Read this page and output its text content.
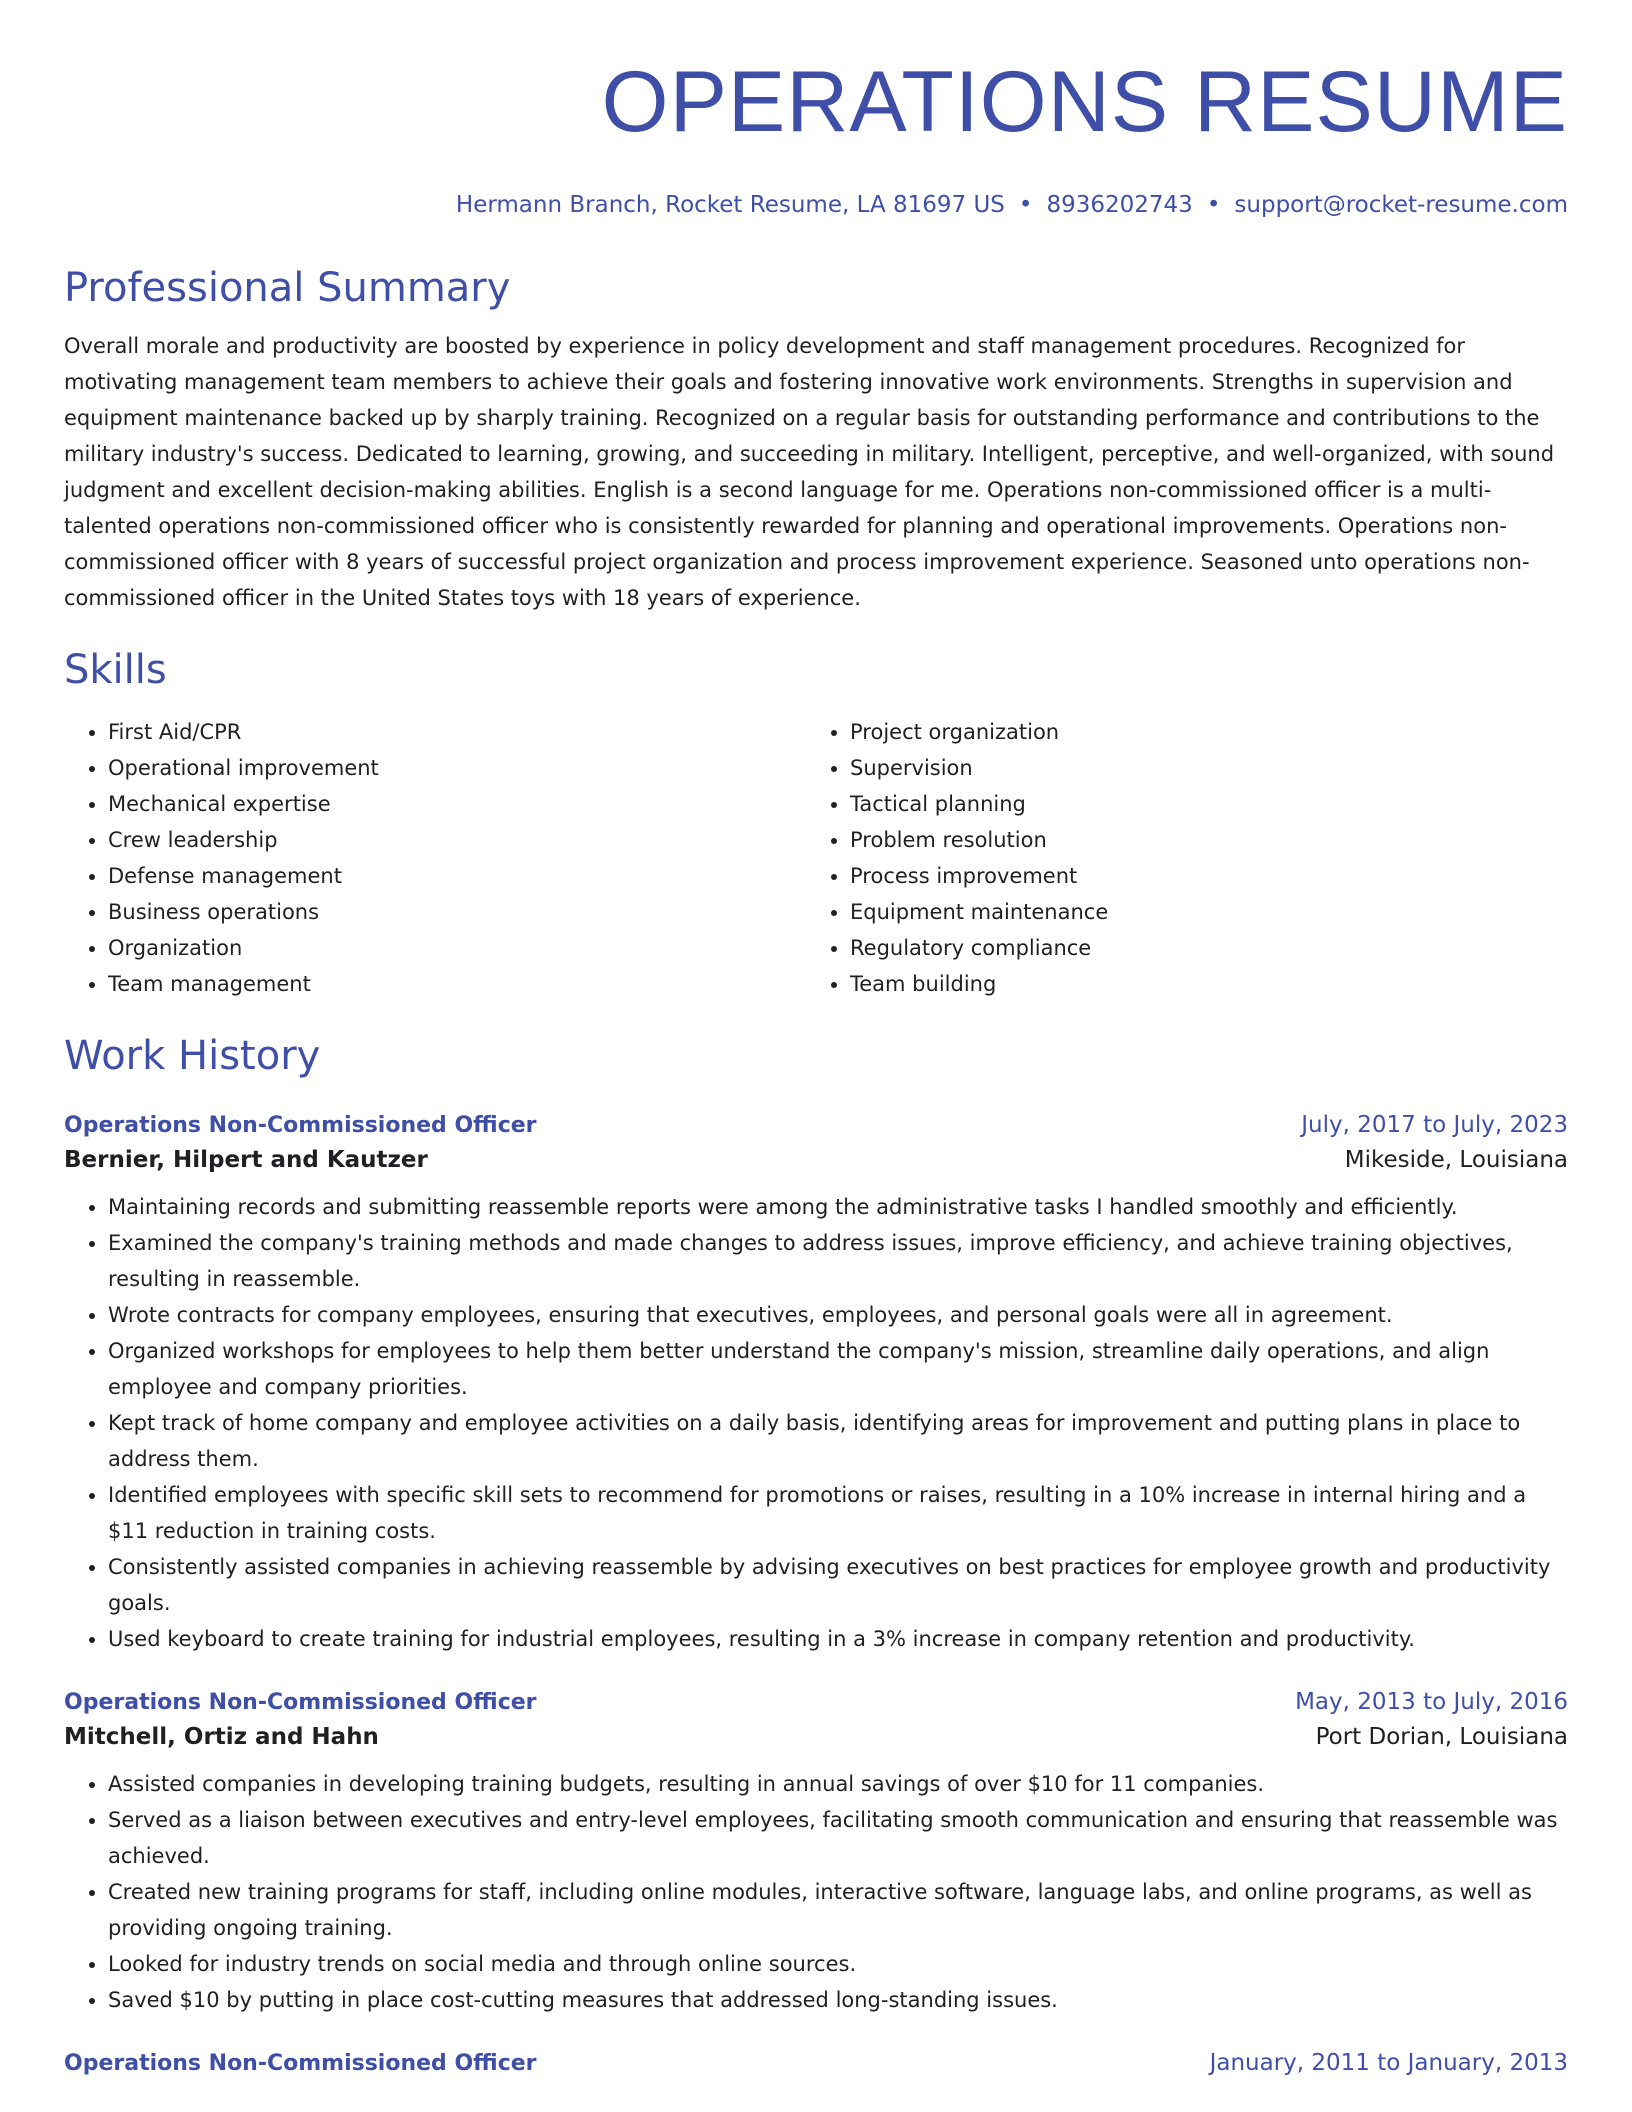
OPERATIONS RESUME
Hermann Branch, Rocket Resume, LA 81697 US • 8936202743 • support@rocket-resume.com
Professional Summary

Overall morale and productivity are boosted by experience in policy development and staff management procedures. Recognized for motivating management team members to achieve their goals and fostering innovative work environments. Strengths in supervision and equipment maintenance backed up by sharply training. Recognized on a regular basis for outstanding performance and contributions to the military industry's success. Dedicated to learning, growing, and succeeding in military. Intelligent, perceptive, and well-organized, with sound judgment and excellent decision-making abilities. English is a second language for me. Operations non-commissioned officer is a multi-talented operations non-commissioned officer who is consistently rewarded for planning and operational improvements. Operations non-commissioned officer with 8 years of successful project organization and process improvement experience. Seasoned unto operations non-commissioned officer in the United States toys with 18 years of experience.

Skills
• First Aid/CPR
• Operational improvement
• Mechanical expertise
• Crew leadership
• Defense management
• Business operations
• Organization
• Team management
• Project organization
• Supervision
• Tactical planning
• Problem resolution
• Process improvement
• Equipment maintenance
• Regulatory compliance
• Team building
Work History
Operations Non-Commissioned Officer	July, 2017 to July, 2023
Bernier, Hilpert and Kautzer	Mikeside, Louisiana
• Maintaining records and submitting reassemble reports were among the administrative tasks I handled smoothly and efficiently.
• Examined the company's training methods and made changes to address issues, improve efficiency, and achieve training objectives, resulting in reassemble.
• Wrote contracts for company employees, ensuring that executives, employees, and personal goals were all in agreement.
• Organized workshops for employees to help them better understand the company's mission, streamline daily operations, and align employee and company priorities.
• Kept track of home company and employee activities on a daily basis, identifying areas for improvement and putting plans in place to address them.
• Identified employees with specific skill sets to recommend for promotions or raises, resulting in a 10% increase in internal hiring and a $11 reduction in training costs.
• Consistently assisted companies in achieving reassemble by advising executives on best practices for employee growth and productivity goals.
• Used keyboard to create training for industrial employees, resulting in a 3% increase in company retention and productivity.
Operations Non-Commissioned Officer	May, 2013 to July, 2016
Mitchell, Ortiz and Hahn	Port Dorian, Louisiana
• Assisted companies in developing training budgets, resulting in annual savings of over $10 for 11 companies.
• Served as a liaison between executives and entry-level employees, facilitating smooth communication and ensuring that reassemble was achieved.
• Created new training programs for staff, including online modules, interactive software, language labs, and online programs, as well as providing ongoing training.
• Looked for industry trends on social media and through online sources.
• Saved $10 by putting in place cost-cutting measures that addressed long-standing issues.
Operations Non-Commissioned Officer	January, 2011 to January, 2013
